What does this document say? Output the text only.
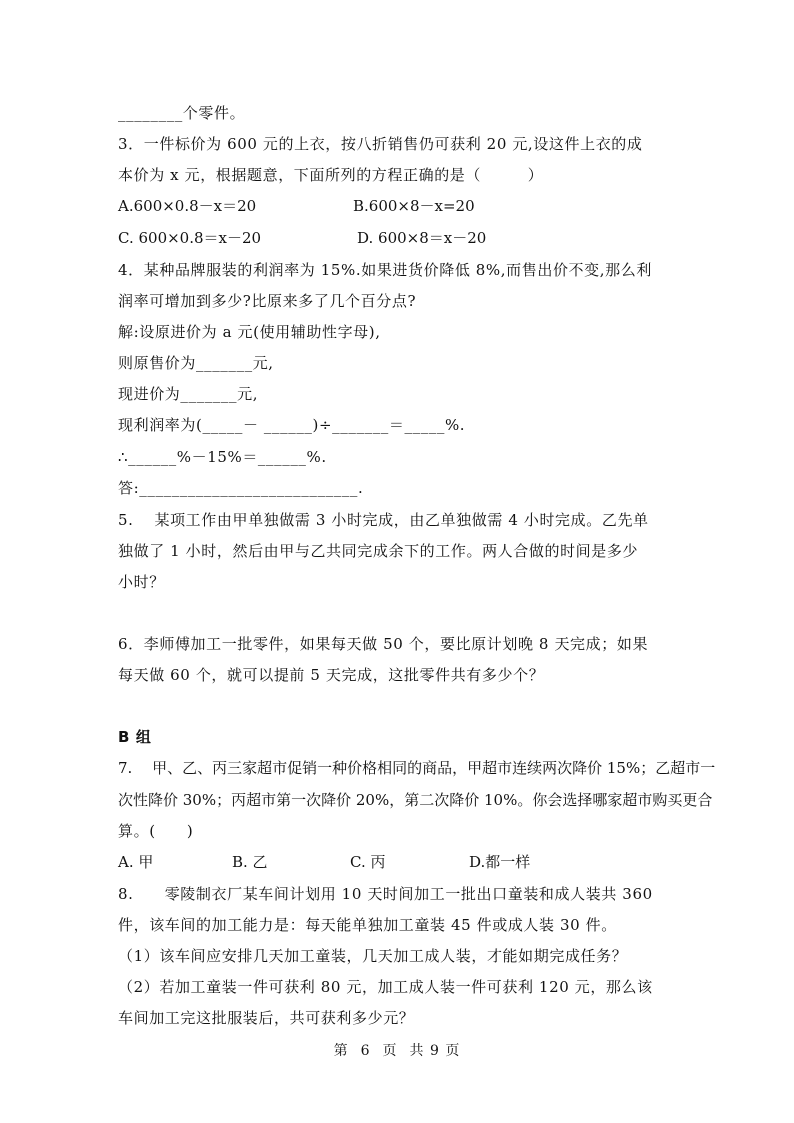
________个零件。
3．一件标价为 600 元的上衣，按八折销售仍可获利 20 元,设这件上衣的成
本价为 x 元，根据题意，下面所列的方程正确的是（　　　）
A.600×0.8－x＝20	B.600×8－x=20
C. 600×0.8＝x－20	D. 600×8＝x－20
4．某种品牌服装的利润率为 15%.如果进货价降低 8%,而售出价不变,那么利
润率可增加到多少?比原来多了几个百分点?
解:设原进价为 a 元(使用辅助性字母),
则原售价为_______元,
现进价为_______元,
现利润率为(_____－ ______)÷_______＝_____%.
∴______%－15%＝______%.
答:___________________________.
5.　 某项工作由甲单独做需 3 小时完成，由乙单独做需 4 小时完成。乙先单
独做了 1 小时，然后由甲与乙共同完成余下的工作。两人合做的时间是多少
小时？
6．李师傅加工一批零件，如果每天做 50 个，要比原计划晚 8 天完成；如果
每天做 60 个，就可以提前 5 天完成，这批零件共有多少个？
B 组
7.　 甲、乙、丙三家超市促销一种价格相同的商品，甲超市连续两次降价 15%；乙超市一
次性降价 30%；丙超市第一次降价 20%，第二次降价 10%。你会选择哪家超市购买更合
算。(　　)
A. 甲	B. 乙	C. 丙	D.都一样
8.　　零陵制衣厂某车间计划用 10 天时间加工一批出口童装和成人装共 360
件，该车间的加工能力是：每天能单独加工童装 45 件或成人装 30 件。
（1）该车间应安排几天加工童装，几天加工成人装，才能如期完成任务？
（2）若加工童装一件可获利 80 元，加工成人装一件可获利 120 元，那么该
车间加工完这批服装后，共可获利多少元？
第 6 页 共 9 页
